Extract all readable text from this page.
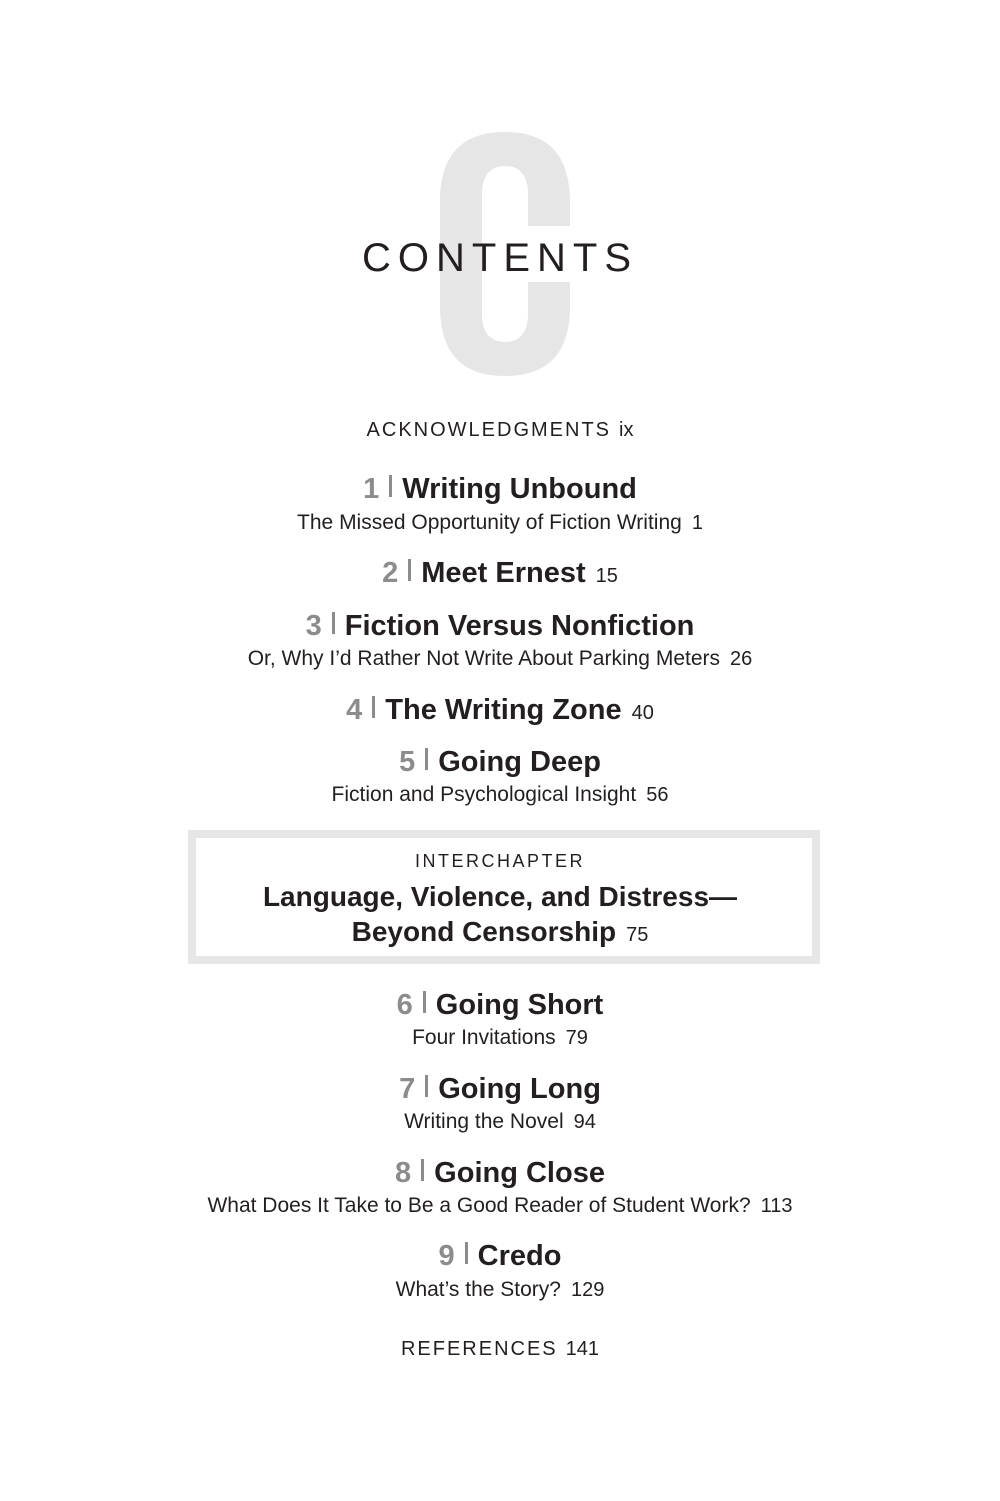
CONTENTS
ACKNOWLEDGMENTS ix
1 Writing Unbound
The Missed Opportunity of Fiction Writing 1
2 Meet Ernest 15
3 Fiction Versus Nonfiction
Or, Why I’d Rather Not Write About Parking Meters 26
4 The Writing Zone 40
5 Going Deep
Fiction and Psychological Insight 56
INTERCHAPTER
Language, Violence, and Distress—
Beyond Censorship 75
6 Going Short
Four Invitations 79
7 Going Long
Writing the Novel 94
8 Going Close
What Does It Take to Be a Good Reader of Student Work? 113
9 Credo
What’s the Story? 129
REFERENCES 141
